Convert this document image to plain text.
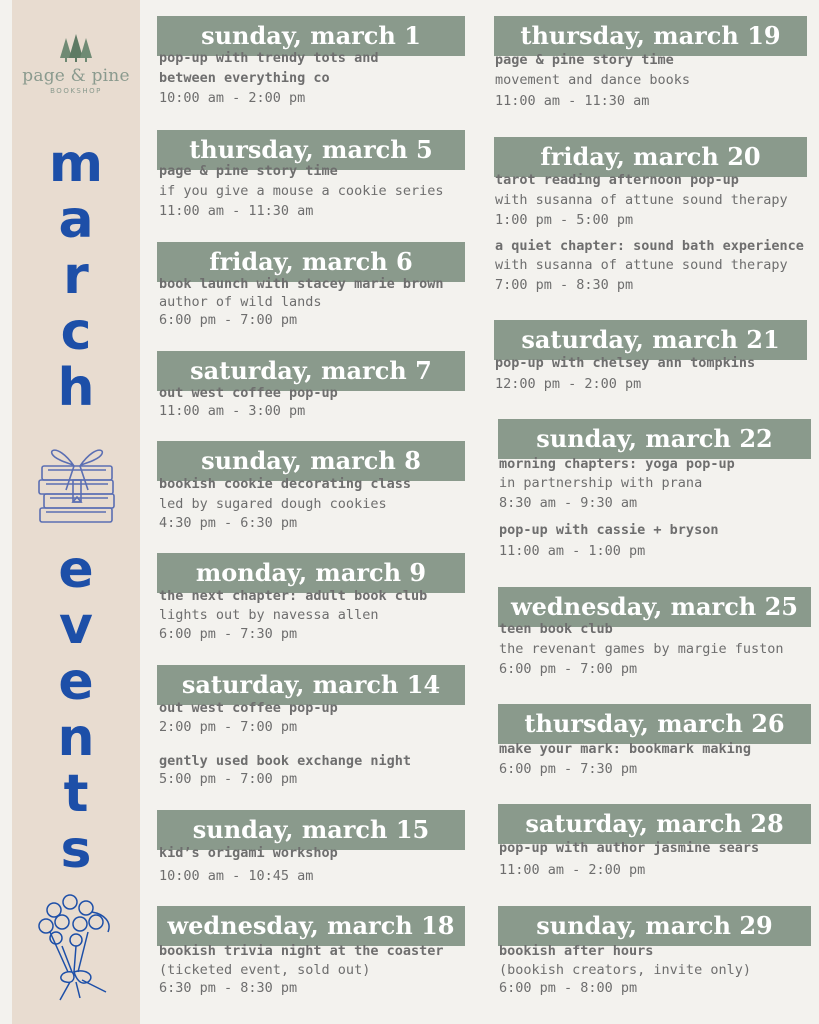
page & pine
BOOKSHOP
m
a
r
c
h
e
v
e
n
t
s
sunday, march 1
pop-up with trendy tots and
between everything co
10:00 am - 2:00 pm
thursday, march 5
page & pine story time
if you give a mouse a cookie series
11:00 am - 11:30 am
friday, march 6
book launch with stacey marie brown
author of wild lands
6:00 pm - 7:00 pm
saturday, march 7
out west coffee pop-up
11:00 am - 3:00 pm
sunday, march 8
bookish cookie decorating class
led by sugared dough cookies
4:30 pm - 6:30 pm
monday, march 9
the next chapter: adult book club
lights out by navessa allen
6:00 pm - 7:30 pm
saturday, march 14
out west coffee pop-up
2:00 pm - 7:00 pm
gently used book exchange night
5:00 pm - 7:00 pm
sunday, march 15
kid’s origami workshop
10:00 am - 10:45 am
wednesday, march 18
bookish trivia night at the coaster
(ticketed event, sold out)
6:30 pm - 8:30 pm
thursday, march 19
page & pine story time
movement and dance books
11:00 am - 11:30 am
friday, march 20
tarot reading afternoon pop-up
with susanna of attune sound therapy
1:00 pm - 5:00 pm
a quiet chapter: sound bath experience
with susanna of attune sound therapy
7:00 pm - 8:30 pm
saturday, march 21
pop-up with chelsey ann tompkins
12:00 pm - 2:00 pm
sunday, march 22
morning chapters: yoga pop-up
in partnership with prana
8:30 am - 9:30 am
pop-up with cassie + bryson
11:00 am - 1:00 pm
wednesday, march 25
teen book club
the revenant games by margie fuston
6:00 pm - 7:00 pm
thursday, march 26
make your mark: bookmark making
6:00 pm - 7:30 pm
saturday, march 28
pop-up with author jasmine sears
11:00 am - 2:00 pm
sunday, march 29
bookish after hours
(bookish creators, invite only)
6:00 pm - 8:00 pm
